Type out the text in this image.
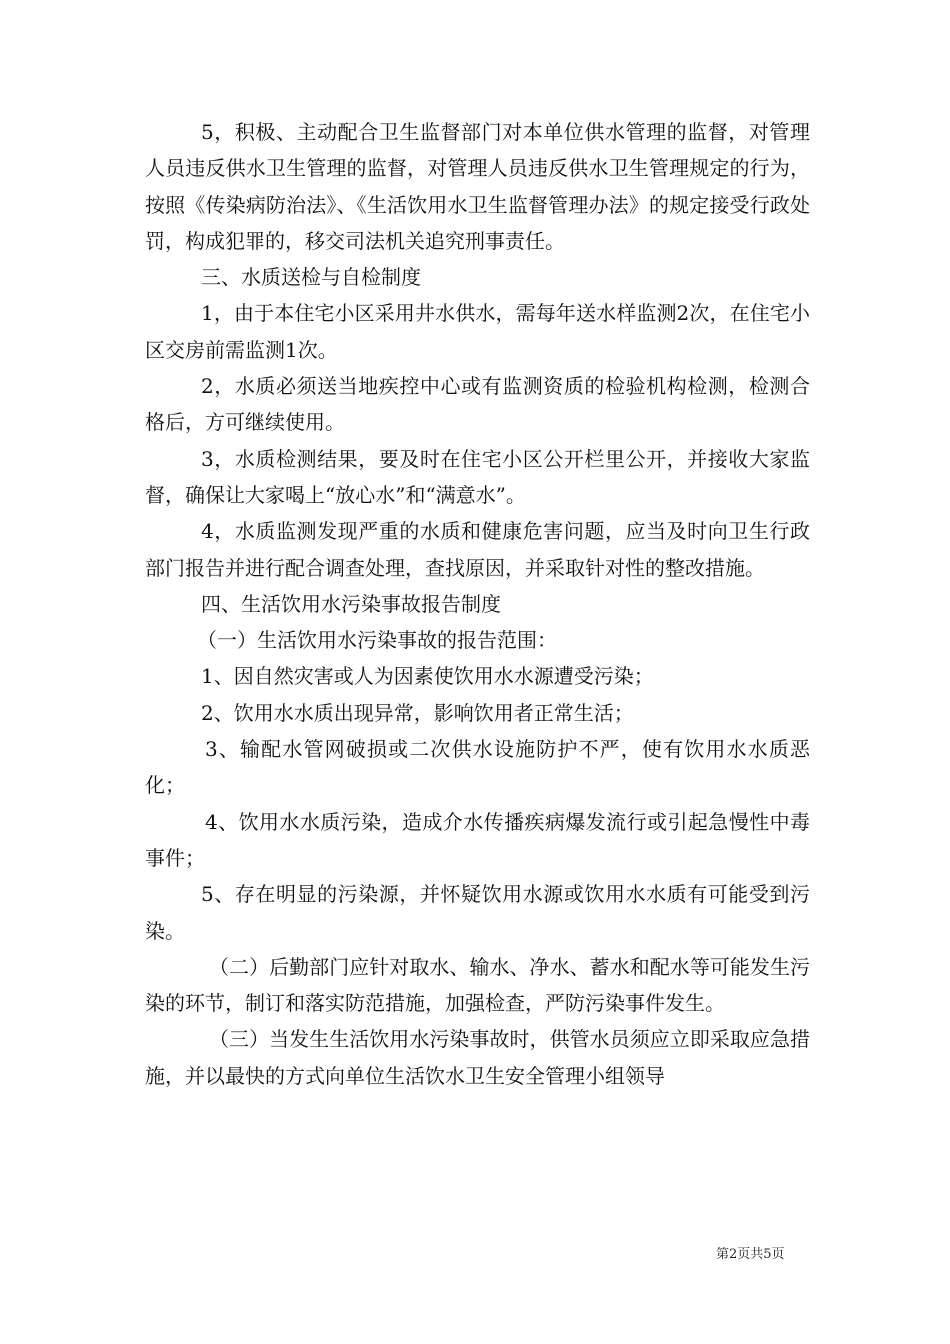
5，积极、主动配合卫生监督部门对本单位供水管理的监督，对管理人员违反供水卫生管理的监督，对管理人员违反供水卫生管理规定的行为，按照《传染病防治法》、《生活饮用水卫生监督管理办法》的规定接受行政处罚，构成犯罪的，移交司法机关追究刑事责任。

三、水质送检与自检制度

1，由于本住宅小区采用井水供水，需每年送水样监测2次，在住宅小区交房前需监测1次。

2，水质必须送当地疾控中心或有监测资质的检验机构检测，检测合格后，方可继续使用。

3，水质检测结果，要及时在住宅小区公开栏里公开，并接收大家监督，确保让大家喝上“放心水”和“满意水”。

4，水质监测发现严重的水质和健康危害问题，应当及时向卫生行政部门报告并进行配合调查处理，查找原因，并采取针对性的整改措施。

四、生活饮用水污染事故报告制度

（一）生活饮用水污染事故的报告范围：

1、因自然灾害或人为因素使饮用水水源遭受污染；

2、饮用水水质出现异常，影响饮用者正常生活；

3、输配水管网破损或二次供水设施防护不严，使有饮用水水质恶化；

4、饮用水水质污染，造成介水传播疾病爆发流行或引起急慢性中毒事件；

5、存在明显的污染源，并怀疑饮用水源或饮用水水质有可能受到污染。

（二）后勤部门应针对取水、输水、净水、蓄水和配水等可能发生污染的环节，制订和落实防范措施，加强检查，严防污染事件发生。

（三）当发生生活饮用水污染事故时，供管水员须应立即采取应急措施，并以最快的方式向单位生活饮水卫生安全管理小组领导

第2页共5页
